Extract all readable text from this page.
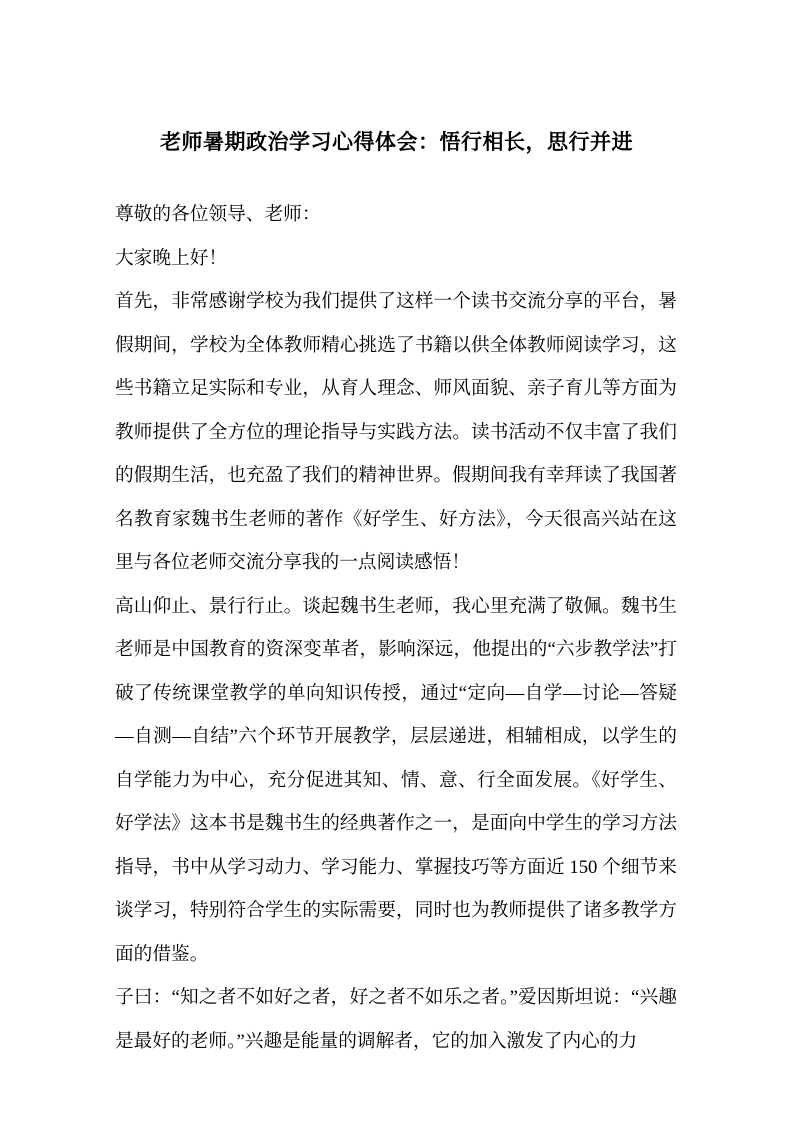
老师暑期政治学习心得体会：悟行相长，思行并进

尊敬的各位领导、老师：

大家晚上好！

首先，非常感谢学校为我们提供了这样一个读书交流分享的平台，暑假期间，学校为全体教师精心挑选了书籍以供全体教师阅读学习，这些书籍立足实际和专业，从育人理念、师风面貌、亲子育儿等方面为教师提供了全方位的理论指导与实践方法。读书活动不仅丰富了我们的假期生活，也充盈了我们的精神世界。假期间我有幸拜读了我国著名教育家魏书生老师的著作《好学生、好方法》，今天很高兴站在这里与各位老师交流分享我的一点阅读感悟！

高山仰止、景行行止。谈起魏书生老师，我心里充满了敬佩。魏书生老师是中国教育的资深变革者，影响深远，他提出的“六步教学法”打破了传统课堂教学的单向知识传授，通过“定向—自学—讨论—答疑—自测—自结”六个环节开展教学，层层递进，相辅相成，以学生的自学能力为中心，充分促进其知、情、意、行全面发展。《好学生、好学法》这本书是魏书生的经典著作之一，是面向中学生的学习方法指导，书中从学习动力、学习能力、掌握技巧等方面近 150 个细节来谈学习，特别符合学生的实际需要，同时也为教师提供了诸多教学方面的借鉴。

子曰：“知之者不如好之者，好之者不如乐之者。”爱因斯坦说：“兴趣是最好的老师。”兴趣是能量的调解者，它的加入激发了内心的力
